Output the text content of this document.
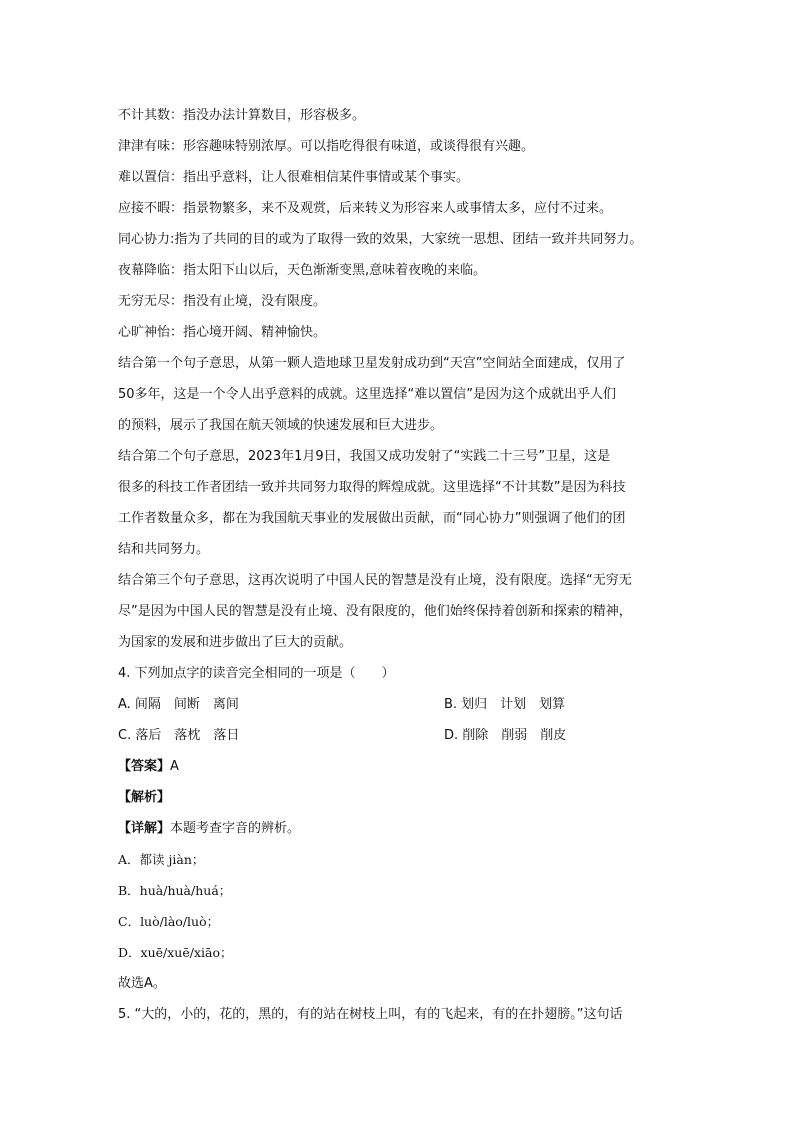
不计其数：指没办法计算数目，形容极多。
津津有味：形容趣味特别浓厚。可以指吃得很有味道，或谈得很有兴趣。
难以置信：指出乎意料，让人很难相信某件事情或某个事实。
应接不暇：指景物繁多，来不及观赏，后来转义为形容来人或事情太多，应付不过来。
同心协力:指为了共同的目的或为了取得一致的效果，大家统一思想、团结一致并共同努力。
夜幕降临：指太阳下山以后，天色渐渐变黑,意味着夜晚的来临。
无穷无尽：指没有止境，没有限度。
心旷神怡：指心境开阔、精神愉快。
结合第一个句子意思，从第一颗人造地球卫星发射成功到“天宫”空间站全面建成，仅用了
50多年，这是一个令人出乎意料的成就。这里选择“难以置信”是因为这个成就出乎人们
的预料，展示了我国在航天领域的快速发展和巨大进步。
结合第二个句子意思，2023年1月9日，我国又成功发射了“实践二十三号”卫星，这是
很多的科技工作者团结一致并共同努力取得的辉煌成就。这里选择“不计其数”是因为科技
工作者数量众多，都在为我国航天事业的发展做出贡献，而“同心协力”则强调了他们的团
结和共同努力。
结合第三个句子意思，这再次说明了中国人民的智慧是没有止境，没有限度。选择“无穷无
尽”是因为中国人民的智慧是没有止境、没有限度的，他们始终保持着创新和探索的精神，
为国家的发展和进步做出了巨大的贡献。
4. 下列加点字的读音完全相同的一项是（　　）
A. 间隔　间断　离间	B. 划归　计划　划算
C. 落后　落枕　落日	D. 削除　削弱　削皮
【答案】A
【解析】
【详解】本题考查字音的辨析。
A．都读 jiàn；
B．huà/huà/huá；
C．luò/lào/luò；
D．xuē/xuē/xiāo；
故选A。
5. “大的，小的，花的，黑的，有的站在树枝上叫，有的飞起来，有的在扑翅膀。”这句话
